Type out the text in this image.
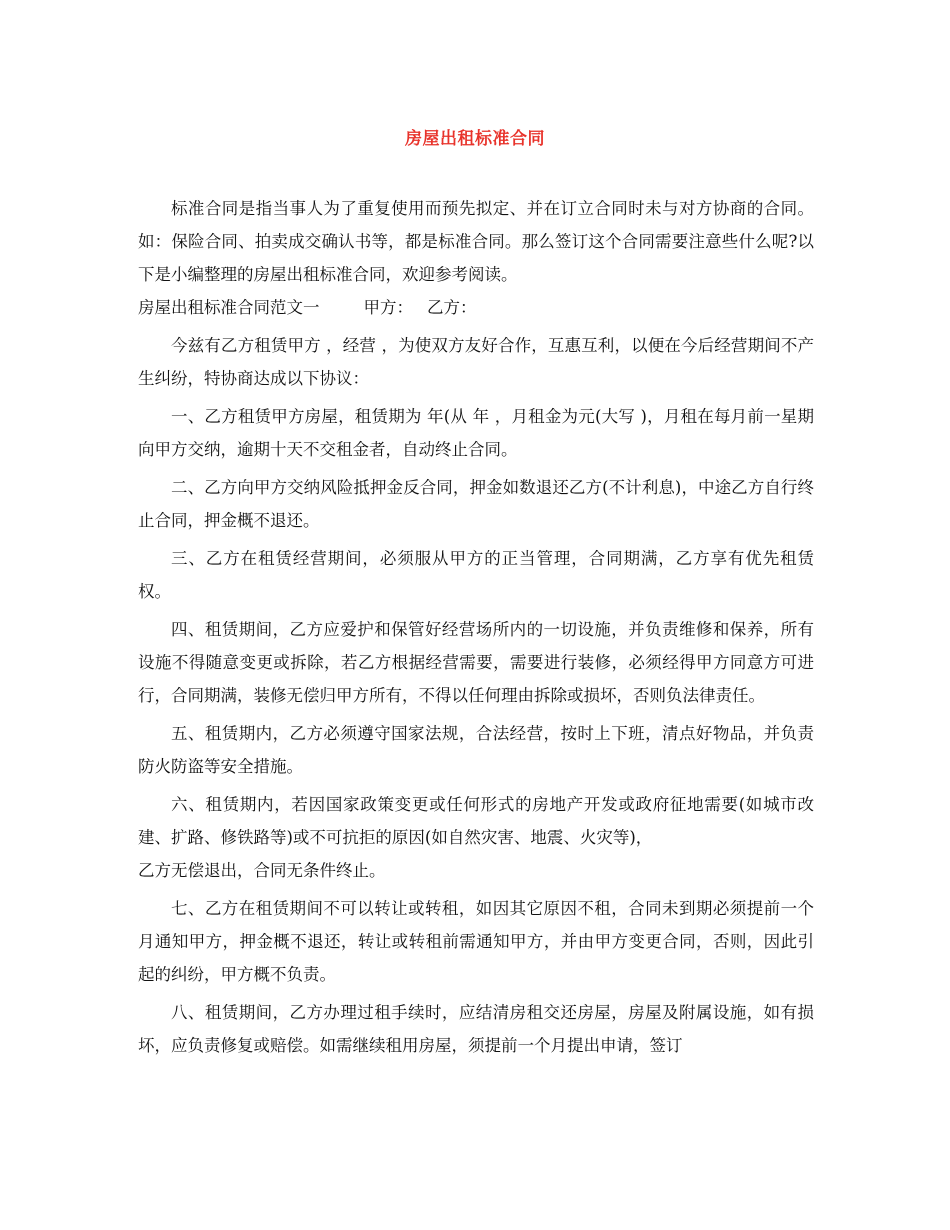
房屋出租标准合同

标准合同是指当事人为了重复使用而预先拟定、并在订立合同时未与对方协商的合同。如：保险合同、拍卖成交确认书等，都是标准合同。那么签订这个合同需要注意些什么呢?以下是小编整理的房屋出租标准合同，欢迎参考阅读。

房屋出租标准合同范文一	甲方： 乙方：

今兹有乙方租赁甲方 ，经营 ，为使双方友好合作，互惠互利，以便在今后经营期间不产生纠纷，特协商达成以下协议：

一、乙方租赁甲方房屋，租赁期为 年(从 年 ，月租金为元(大写 )，月租在每月前一星期向甲方交纳，逾期十天不交租金者，自动终止合同。

二、乙方向甲方交纳风险抵押金反合同，押金如数退还乙方(不计利息)，中途乙方自行终止合同，押金概不退还。

三、乙方在租赁经营期间，必须服从甲方的正当管理，合同期满，乙方享有优先租赁权。

四、租赁期间，乙方应爱护和保管好经营场所内的一切设施，并负责维修和保养，所有设施不得随意变更或拆除，若乙方根据经营需要，需要进行装修，必须经得甲方同意方可进行，合同期满，装修无偿归甲方所有，不得以任何理由拆除或损坏，否则负法律责任。

五、租赁期内，乙方必须遵守国家法规，合法经营，按时上下班，清点好物品，并负责防火防盗等安全措施。

六、租赁期内，若因国家政策变更或任何形式的房地产开发或政府征地需要(如城市改建、扩路、修铁路等)或不可抗拒的原因(如自然灾害、地震、火灾等)，

乙方无偿退出，合同无条件终止。

七、乙方在租赁期间不可以转让或转租，如因其它原因不租，合同未到期必须提前一个月通知甲方，押金概不退还，转让或转租前需通知甲方，并由甲方变更合同，否则，因此引起的纠纷，甲方概不负责。

八、租赁期间，乙方办理过租手续时，应结清房租交还房屋，房屋及附属设施，如有损坏，应负责修复或赔偿。如需继续租用房屋，须提前一个月提出申请，签订
